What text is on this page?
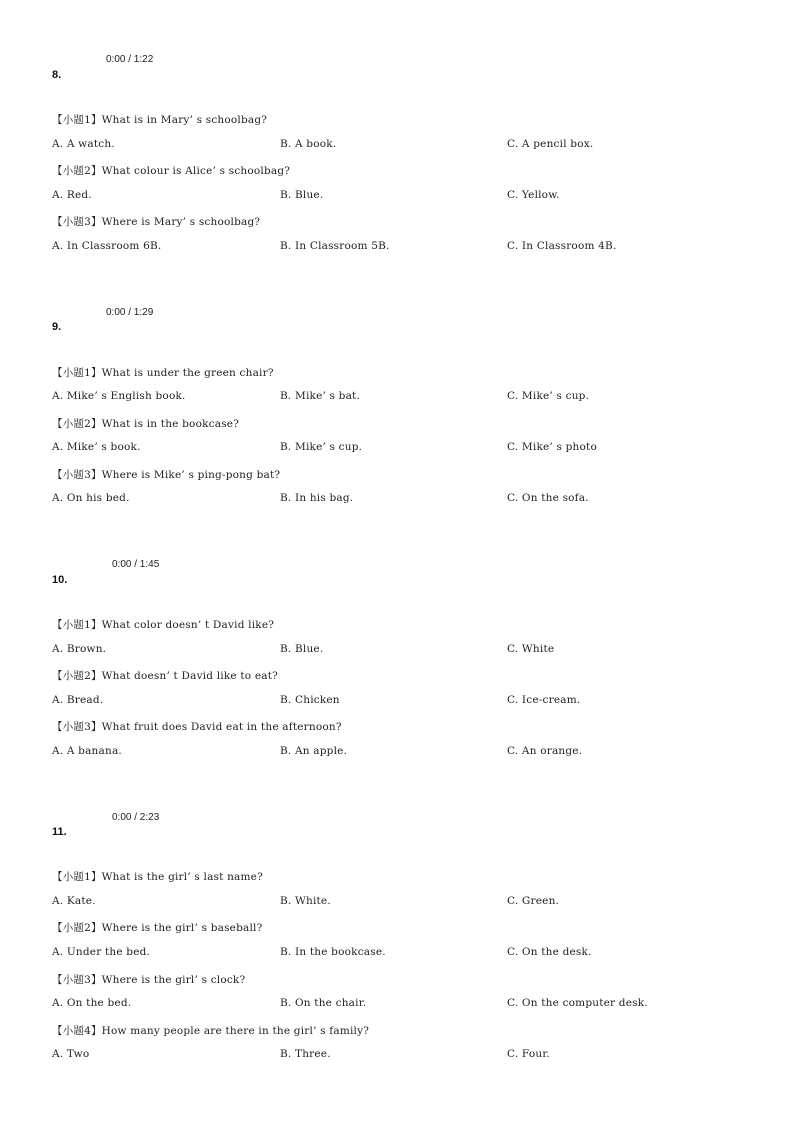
0:00 / 1:22
8.
【小题1】What is in Mary’ s schoolbag?
A. A watch.	B. A book.	C. A pencil box.
【小题2】What colour is Alice’ s schoolbag?
A. Red.	B. Blue.	C. Yellow.
【小题3】Where is Mary’ s schoolbag?
A. In Classroom 6B.	B. In Classroom 5B.	C. In Classroom 4B.
0:00 / 1:29
9.
【小题1】What is under the green chair?
A. Mike’ s English book.	B. Mike’ s bat.	C. Mike’ s cup.
【小题2】What is in the bookcase?
A. Mike’ s book.	B. Mike’ s cup.	C. Mike’ s photo
【小题3】Where is Mike’ s ping-pong bat?
A. On his bed.	B. In his bag.	C. On the sofa.
0:00 / 1:45
10.
【小题1】What color doesn’ t David like?
A. Brown.	B. Blue.	C. White
【小题2】What doesn’ t David like to eat?
A. Bread.	B. Chicken	C. Ice-cream.
【小题3】What fruit does David eat in the afternoon?
A. A banana.	B. An apple.	C. An orange.
0:00 / 2:23
11.
【小题1】What is the girl’ s last name?
A. Kate.	B. White.	C. Green.
【小题2】Where is the girl’ s baseball?
A. Under the bed.	B. In the bookcase.	C. On the desk.
【小题3】Where is the girl’ s clock?
A. On the bed.	B. On the chair.	C. On the computer desk.
【小题4】How many people are there in the girl’ s family?
A. Two	B. Three.	C. Four.
